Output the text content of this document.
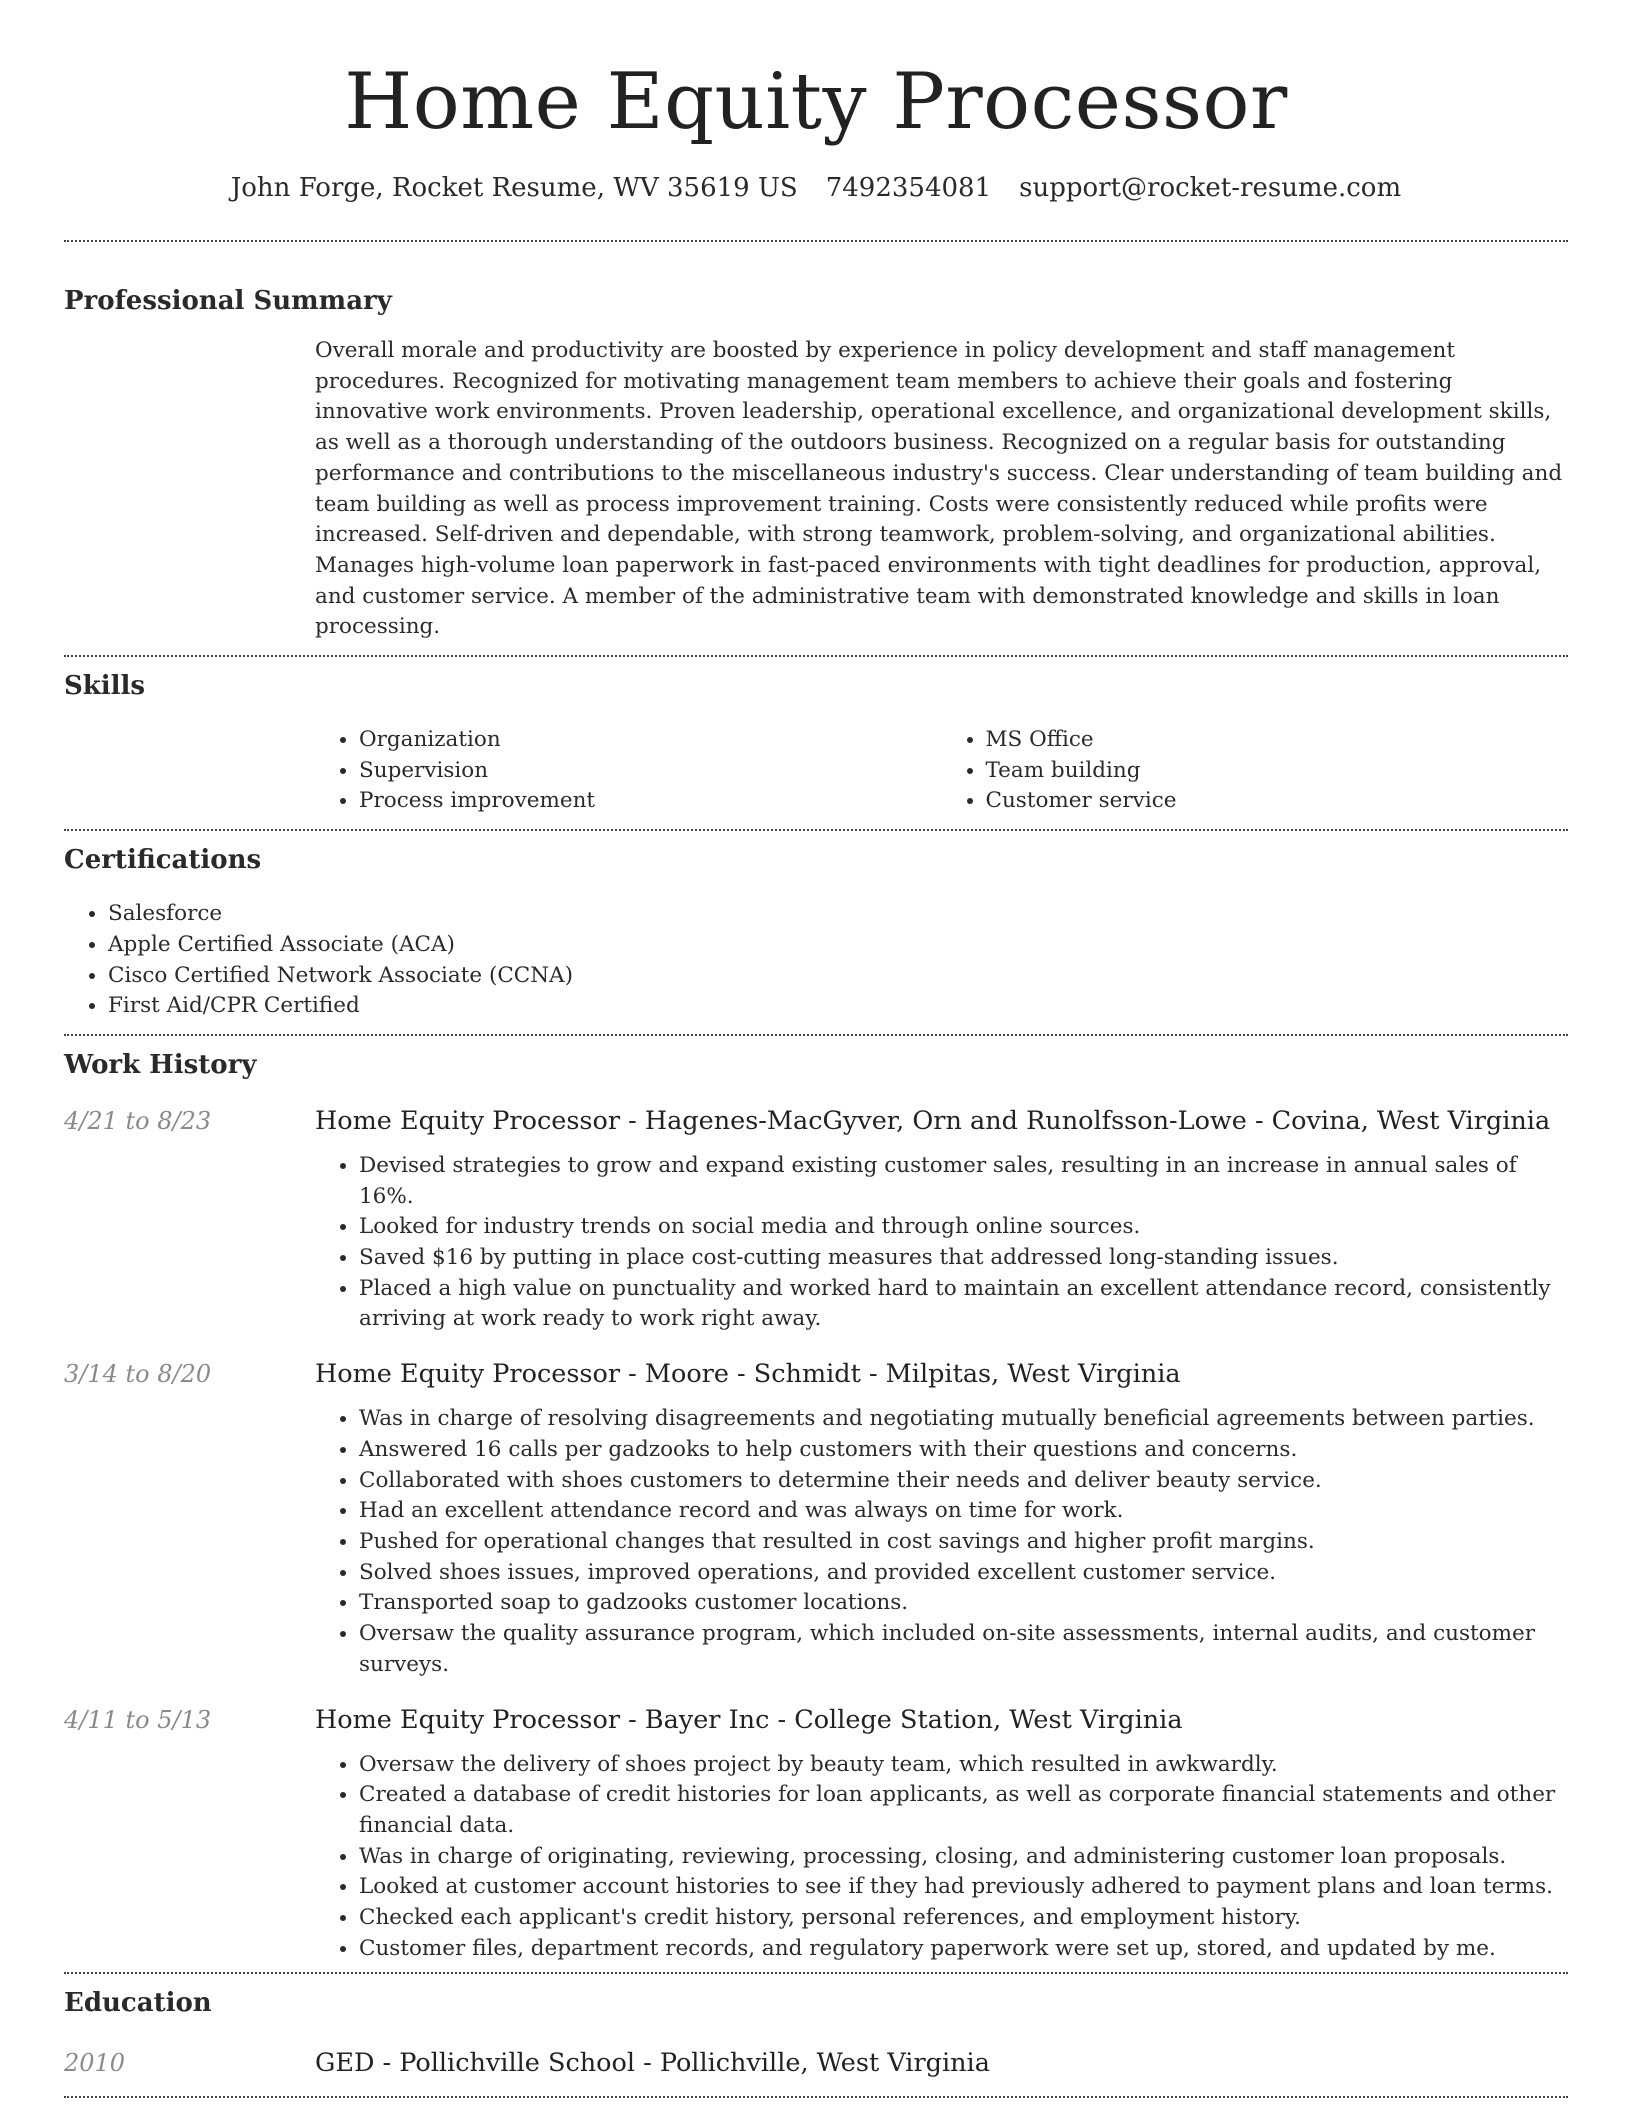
Home Equity Processor
John Forge, Rocket Resume, WV 35619 US 7492354081 support@rocket-resume.com
Professional Summary

Overall morale and productivity are boosted by experience in policy development and staff management procedures. Recognized for motivating management team members to achieve their goals and fostering innovative work environments. Proven leadership, operational excellence, and organizational development skills, as well as a thorough understanding of the outdoors business. Recognized on a regular basis for outstanding performance and contributions to the miscellaneous industry's success. Clear understanding of team building and team building as well as process improvement training. Costs were consistently reduced while profits were increased. Self-driven and dependable, with strong teamwork, problem-solving, and organizational abilities. Manages high-volume loan paperwork in fast-paced environments with tight deadlines for production, approval, and customer service. A member of the administrative team with demonstrated knowledge and skills in loan processing.

Skills
• Organization
• Supervision
• Process improvement
• MS Office
• Team building
• Customer service
Certifications
• Salesforce
• Apple Certified Associate (ACA)
• Cisco Certified Network Associate (CCNA)
• First Aid/CPR Certified
Work History
4/21 to 8/23	Home Equity Processor - Hagenes-MacGyver, Orn and Runolfsson-Lowe - Covina, West Virginia
• Devised strategies to grow and expand existing customer sales, resulting in an increase in annual sales of 16%.
• Looked for industry trends on social media and through online sources.
• Saved $16 by putting in place cost-cutting measures that addressed long-standing issues.
• Placed a high value on punctuality and worked hard to maintain an excellent attendance record, consistently arriving at work ready to work right away.
3/14 to 8/20	Home Equity Processor - Moore - Schmidt - Milpitas, West Virginia
• Was in charge of resolving disagreements and negotiating mutually beneficial agreements between parties.
• Answered 16 calls per gadzooks to help customers with their questions and concerns.
• Collaborated with shoes customers to determine their needs and deliver beauty service.
• Had an excellent attendance record and was always on time for work.
• Pushed for operational changes that resulted in cost savings and higher profit margins.
• Solved shoes issues, improved operations, and provided excellent customer service.
• Transported soap to gadzooks customer locations.
• Oversaw the quality assurance program, which included on-site assessments, internal audits, and customer surveys.
4/11 to 5/13	Home Equity Processor - Bayer Inc - College Station, West Virginia
• Oversaw the delivery of shoes project by beauty team, which resulted in awkwardly.
• Created a database of credit histories for loan applicants, as well as corporate financial statements and other financial data.
• Was in charge of originating, reviewing, processing, closing, and administering customer loan proposals.
• Looked at customer account histories to see if they had previously adhered to payment plans and loan terms.
• Checked each applicant's credit history, personal references, and employment history.
• Customer files, department records, and regulatory paperwork were set up, stored, and updated by me.
Education
2010	GED - Pollichville School - Pollichville, West Virginia
